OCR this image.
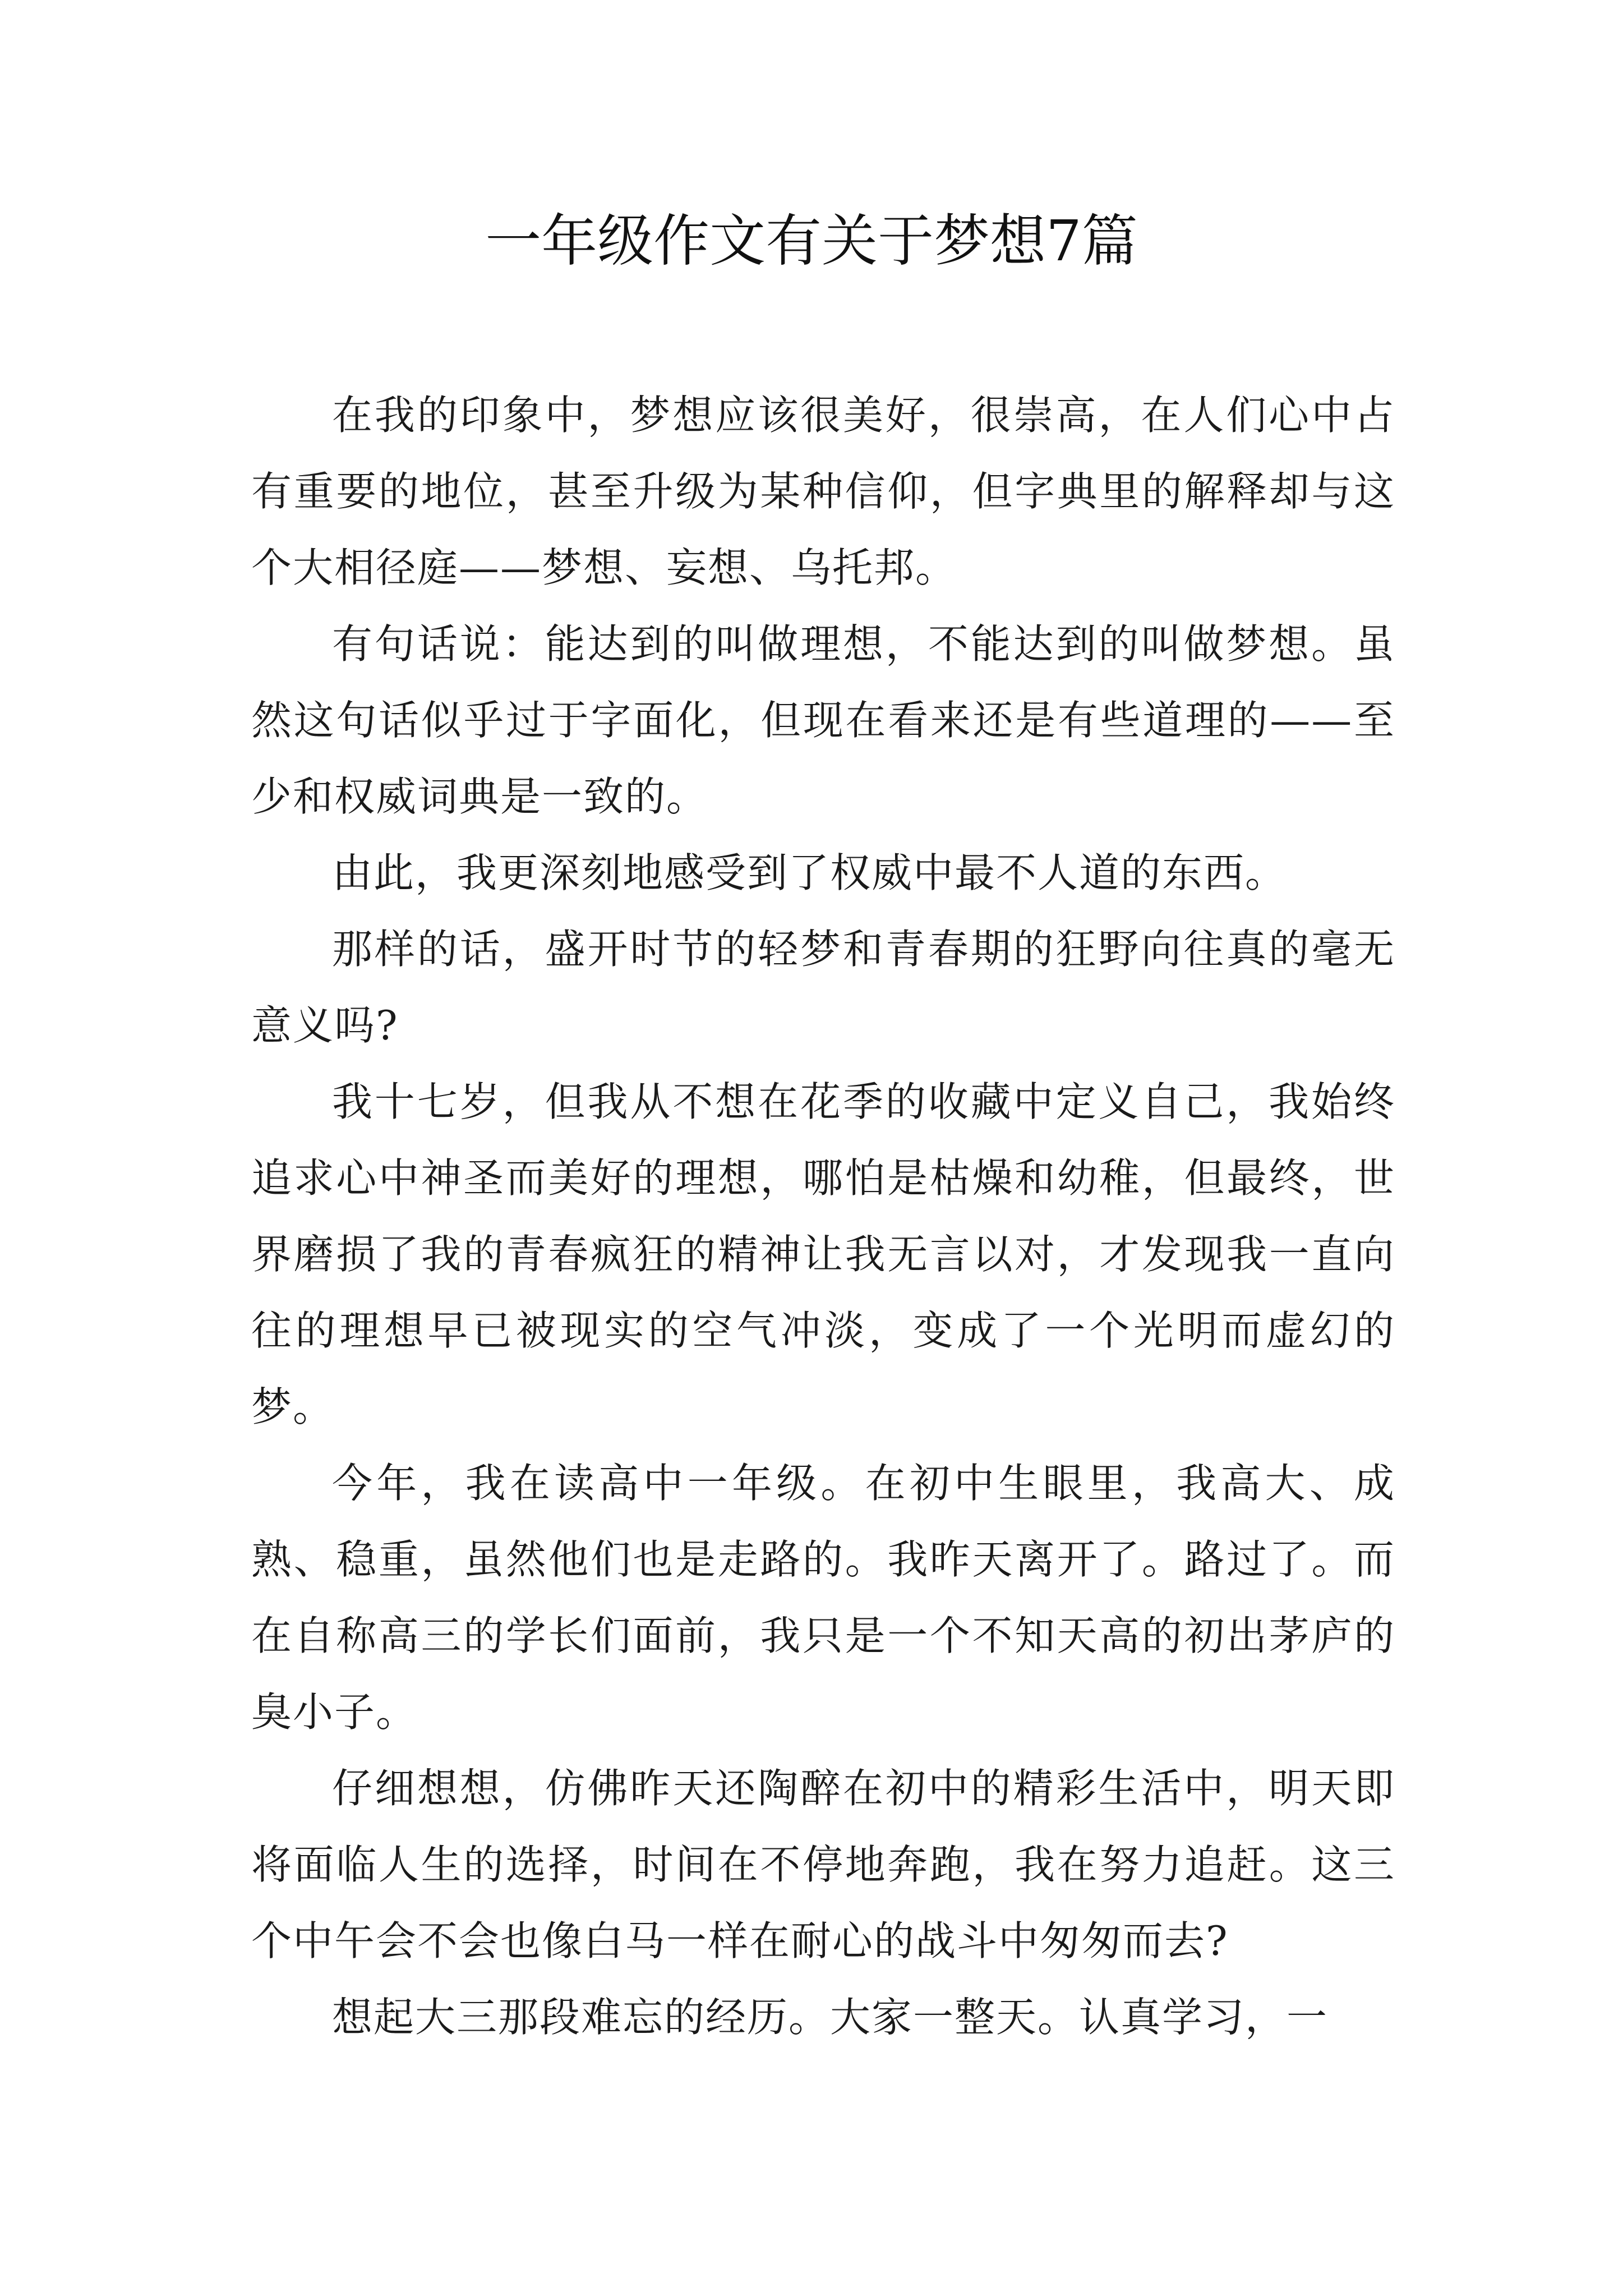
一年级作文有关于梦想7篇

在我的印象中，梦想应该很美好，很崇高，在人们心中占有重要的地位，甚至升级为某种信仰，但字典里的解释却与这个大相径庭——梦想、妄想、乌托邦。

有句话说：能达到的叫做理想，不能达到的叫做梦想。虽然这句话似乎过于字面化，但现在看来还是有些道理的——至少和权威词典是一致的。

由此，我更深刻地感受到了权威中最不人道的东西。

那样的话，盛开时节的轻梦和青春期的狂野向往真的毫无意义吗?

我十七岁，但我从不想在花季的收藏中定义自己，我始终追求心中神圣而美好的理想，哪怕是枯燥和幼稚，但最终，世界磨损了我的青春疯狂的精神让我无言以对，才发现我一直向往的理想早已被现实的空气冲淡，变成了一个光明而虚幻的梦。

今年，我在读高中一年级。在初中生眼里，我高大、成熟、稳重，虽然他们也是走路的。我昨天离开了。路过了。而在自称高三的学长们面前，我只是一个不知天高的初出茅庐的臭小子。

仔细想想，仿佛昨天还陶醉在初中的精彩生活中，明天即将面临人生的选择，时间在不停地奔跑，我在努力追赶。这三个中午会不会也像白马一样在耐心的战斗中匆匆而去?

想起大三那段难忘的经历。大家一整天。认真学习，一
